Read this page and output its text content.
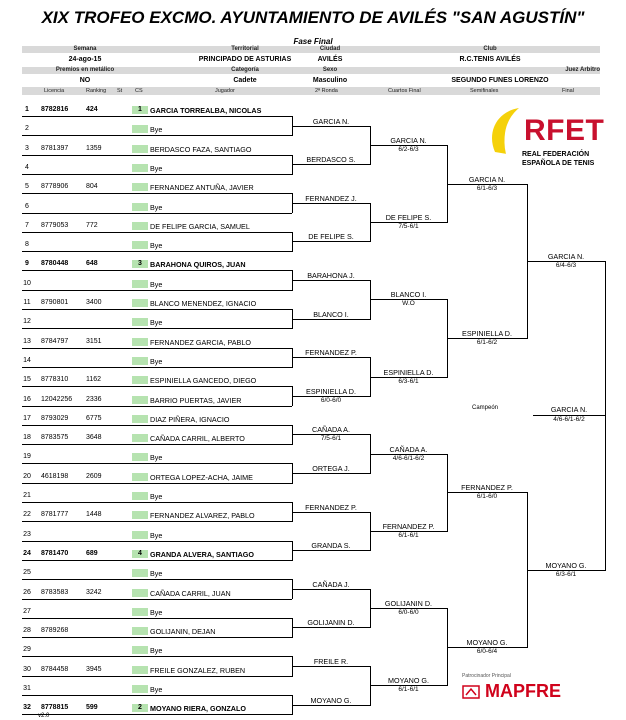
XIX TROFEO EXCMO. AYUNTAMIENTO DE AVILÉS "SAN AGUSTÍN"
Fase Final
Semana	Territorial	Ciudad	Club
24-ago-15	PRINCIPADO DE ASTURIAS	AVILÉS	R.C.TENIS AVILÉS
Premios en metálico	Categoría	Sexo	Juez Arbitro
NO	Cadete	Masculino	SEGUNDO FUNES LORENZO
Licencia	Ranking St CS	Jugador	2ª Ronda	Cuartos Final	Semifinales	Final
1	8782816	424	1 GARCIA TORREALBA, NICOLAS
2	Bye
3	8781397	1359	BERDASCO FAZA, SANTIAGO
4	Bye
5	8778906	804	FERNANDEZ ANTUÑA, JAVIER
6	Bye
7	8779053	772	DE FELIPE GARCIA, SAMUEL
8	Bye
9	8780448	648	3 BARAHONA QUIROS, JUAN
10	Bye
11	8790801	3400	BLANCO MENENDEZ, IGNACIO
12	Bye
13	8784797	3151	FERNANDEZ GARCIA, PABLO
14	Bye
15	8778310	1162	ESPINIELLA GANCEDO, DIEGO
16	12042256 2336	BARRIO PUERTAS, JAVIER
17	8793029	6775	DIAZ PIÑERA, IGNACIO
18	8783575	3648	CAÑADA CARRIL, ALBERTO
19	Bye
20	4618198	2609	ORTEGA LOPEZ-ACHA, JAIME
21	Bye
22	8781777	1448	FERNANDEZ ALVAREZ, PABLO
23	Bye
24	8781470	689	4 GRANDA ALVERA, SANTIAGO
25	Bye
26	8783583	3242	CAÑADA CARRIL, JUAN
27	Bye
28	8789268	GOLIJANIN, DEJAN
29	Bye
30	8784458	3945	FREILE GONZALEZ, RUBEN
31	Bye
32	8778815	599	2 MOYANO RIERA, GONZALO
GARCIA N.
BERDASCO S.
FERNANDEZ J.
DE FELIPE S.
BARAHONA J.
BLANCO I.
FERNANDEZ P.
ESPINIELLA D.
6/0-6/0
CAÑADA A.
7/5-6/1
ORTEGA J.
FERNANDEZ P.
GRANDA S.
CAÑADA J.
GOLIJANIN D.
FREILE R.
MOYANO G.
GARCIA N.
6/2-6/3
DE FELIPE S.
7/5-6/1
BLANCO I.
W.O
ESPINIELLA D.
6/3-6/1
CAÑADA A.
4/6-6/1-6/2
FERNANDEZ P.
6/1-6/1
GOLIJANIN D.
6/0-6/0
MOYANO G.
6/1-6/1
GARCIA N.
6/1-6/3
ESPINIELLA D.
6/1-6/2
FERNANDEZ P.
6/1-6/0
MOYANO G.
6/0-6/4
GARCIA N.
6/4-6/3
MOYANO G.
6/3-6/1
Campeón	GARCIA N.
4/6-6/1-6/2
RFET
REAL FEDERACIÓN
ESPAÑOLA DE TENIS
Patrocinador Principal
MAPFRE
v2.0
